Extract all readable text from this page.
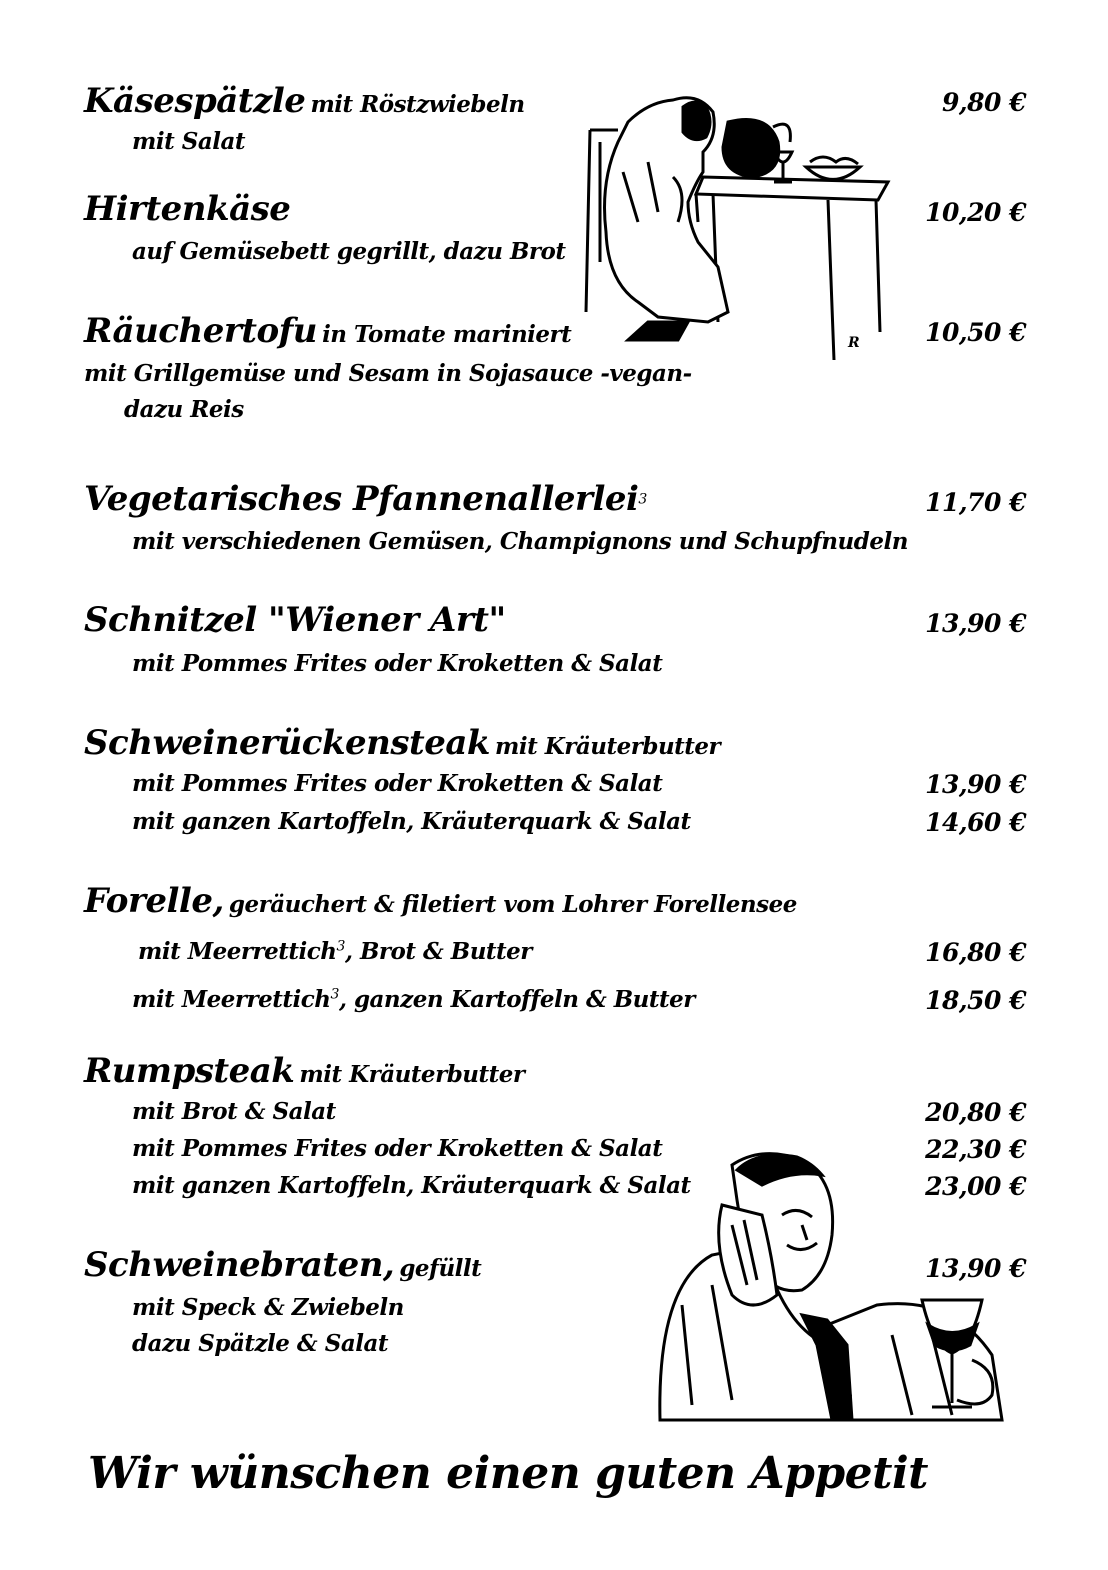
R
R
Käsespätzle mit Röstzwiebeln
mit Salat
9,80 €
Hirtenkäse
auf Gemüsebett gegrillt, dazu Brot
10,20 €
Räuchertofu in Tomate mariniert
mit Grillgemüse und Sesam in Sojasauce -vegan-
dazu Reis
10,50 €
Vegetarisches Pfannenallerlei$^3$
mit verschiedenen Gemüsen, Champignons und Schupfnudeln
11,70 €
Schnitzel "Wiener Art"
mit Pommes Frites oder Kroketten & Salat
13,90 €
Schweinerückensteak mit Kräuterbutter
mit Pommes Frites oder Kroketten & Salat
mit ganzen Kartoffeln, Kräuterquark & Salat
13,90 €
14,60 €
Forelle, geräuchert & filetiert vom Lohrer Forellensee
mit Meerrettich$^3$, Brot & Butter
mit Meerrettich$^3$, ganzen Kartoffeln & Butter
16,80 €
18,50 €
Rumpsteak mit Kräuterbutter
mit Brot & Salat
mit Pommes Frites oder Kroketten & Salat
mit ganzen Kartoffeln, Kräuterquark & Salat
20,80 €
22,30 €
23,00 €
Schweinebraten, gefüllt
mit Speck & Zwiebeln
dazu Spätzle & Salat
13,90 €
Wir wünschen einen guten Appetit
